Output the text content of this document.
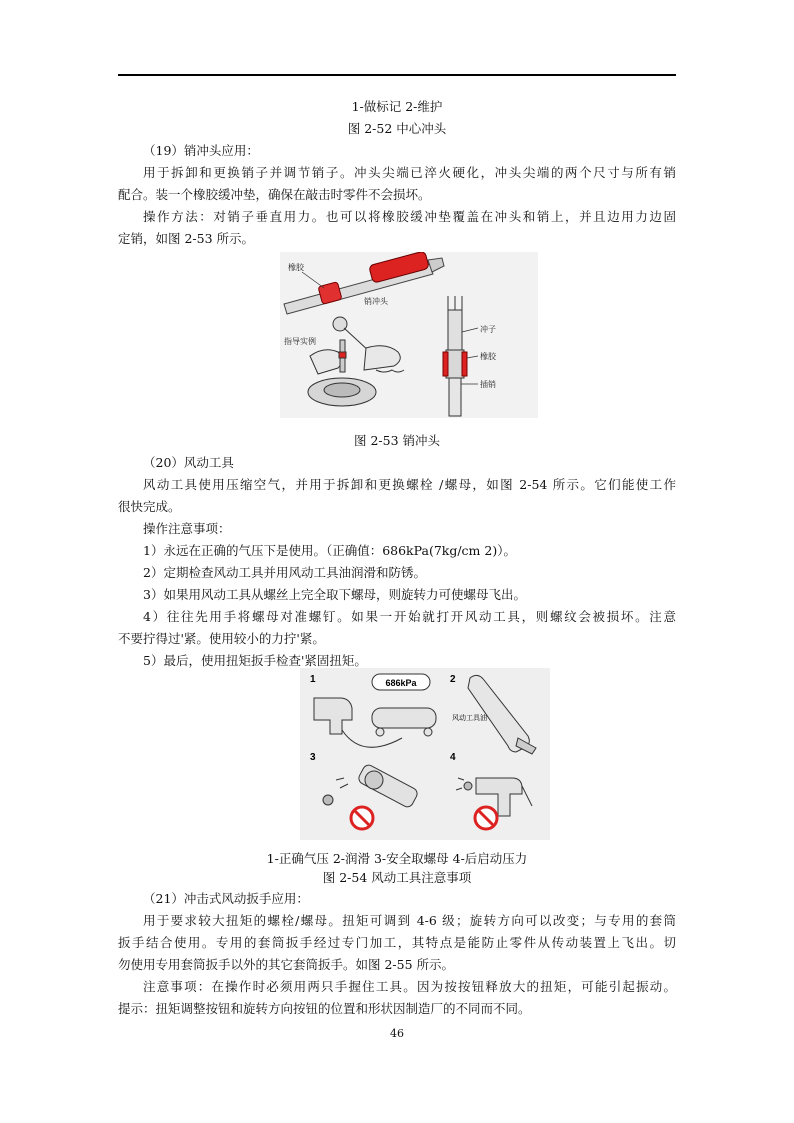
1-做标记 2-维护
图 2-52 中心冲头
（19）销冲头应用：
用于拆卸和更换销子并调节销子。冲头尖端已淬火硬化，冲头尖端的两个尺寸与所有销
配合。装一个橡胶缓冲垫，确保在敲击时零件不会损坏。
操作方法：对销子垂直用力。也可以将橡胶缓冲垫覆盖在冲头和销上，并且边用力边固
定销，如图 2-53 所示。
橡胶
销冲头
指导实例
冲子
橡胶
插销
图 2-53 销冲头
（20）风动工具
风动工具使用压缩空气，并用于拆卸和更换螺栓 /螺母，如图 2-54 所示。它们能使工作
很快完成。
操作注意事项：
1）永远在正确的气压下是使用。（正确值：686kPa(7kg/cm 2)）。
2）定期检查风动工具并用风动工具油润滑和防锈。
3）如果用风动工具从螺丝上完全取下螺母，则旋转力可使螺母飞出。
4）往往先用手将螺母对准螺钉。如果一开始就打开风动工具，则螺纹会被损坏。注意
不要拧得过'紧。使用较小的力拧'紧。
5）最后，使用扭矩扳手检查'紧固扭矩。
1	686kPa	2
风动工具油
3	4
1-正确气压 2-润滑 3-安全取螺母 4-后启动压力
图 2-54 风动工具注意事项
（21）冲击式风动扳手应用：
用于要求较大扭矩的螺栓/螺母。扭矩可调到 4-6 级；旋转方向可以改变；与专用的套筒
扳手结合使用。专用的套筒扳手经过专门加工，其特点是能防止零件从传动装置上飞出。切
勿使用专用套筒扳手以外的其它套筒扳手。如图 2-55 所示。
注意事项：在操作时必须用两只手握住工具。因为按按钮释放大的扭矩，可能引起振动。
提示：扭矩调整按钮和旋转方向按钮的位置和形状因制造厂的不同而不同。
46
